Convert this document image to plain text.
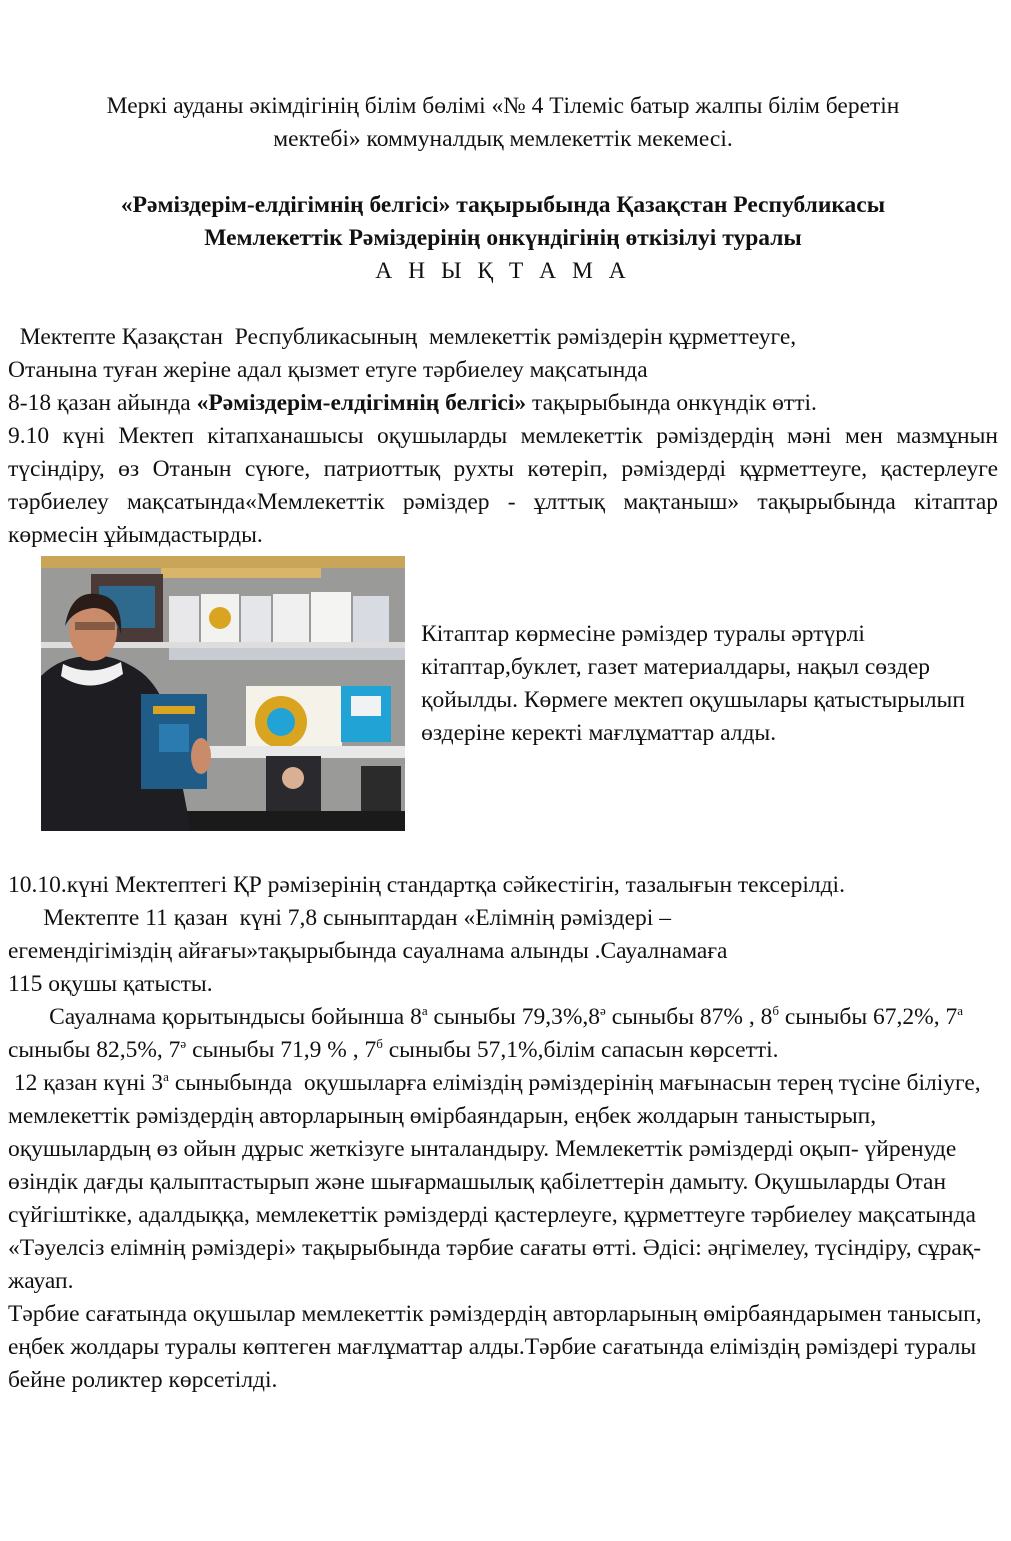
Меркі ауданы әкімдігінің білім бөлімі «№ 4 Тілеміс батыр жалпы білім беретін

мектебі» коммуналдық мемлекеттік мекемесі.

«Рәміздерім-елдігімнің белгісі» тақырыбында Қазақстан Республикасы

Мемлекеттік Рәміздерінің онкүндігінің өткізілуі туралы

А Н Ы Қ Т А М А

Мектепте Қазақстан  Республикасының  мемлекеттік рәміздерін құрметтеуге,

Отанына туған жеріне адал қызмет етуге тәрбиелеу мақсатында

8-18 қазан айында «Рәміздерім-елдігімнің белгісі» тақырыбында онкүндік өтті.

9.10 күні Мектеп кітапханашысы оқушыларды мемлекеттік рәміздердің мәні мен мазмұнын түсіндіру, өз Отанын сүюге, патриоттық рухты көтеріп, рәміздерді құрметтеуге, қастерлеуге тәрбиелеу мақсатында«Мемлекеттік рәміздер - ұлттық мақтаныш» тақырыбында кітаптар көрмесін ұйымдастырды.

Кітаптар көрмесіне рәміздер туралы әртүрлі кітаптар,буклет, газет материалдары, нақыл сөздер қойылды. Көрмеге мектеп оқушылары қатыстырылып өздеріне керекті мағлұматтар алды.

10.10.күні Мектептегі ҚР рәмізерінің стандартқа сәйкестігін, тазалығын тексерілді.

Мектепте 11 қазан  күні 7,8 сыныптардан «Елімнің рәміздері –

егемендігіміздің айғағы»тақырыбында сауалнама алынды .Сауалнамаға

115 оқушы қатысты.

Сауалнама қорытындысы бойынша $8^а$ сыныбы $79,3\%,8^ә$ сыныбы 87% , $8^б$ сыныбы 67,2%, $7^а$ сыныбы 82,5%, $7^ә$ сыныбы 71,9 % , $7^б$ сыныбы 57,1%,білім сапасын көрсетті.

12 қазан күні $3^а$ сыныбында  оқушыларға еліміздің рәміздерінің мағынасын терең түсіне біліуге, мемлекеттік рәміздердің авторларының өмірбаяндарын, еңбек жолдарын таныстырып, оқушылардың өз ойын дұрыс жеткізуге ынталандыру. Мемлекеттік рәміздерді оқып- үйренуде өзіндік дағды қалыптастырып және шығармашылық қабілеттерін дамыту. Оқушыларды Отан сүйгіштікке, адалдыққа, мемлекеттік рәміздерді қастерлеуге, құрметтеуге тәрбиелеу мақсатында «Тәуелсіз елімнің рәміздері» тақырыбында тәрбие сағаты өтті. Әдісі: әңгімелеу, түсіндіру, сұрақ-жауап.

Тәрбие сағатында оқушылар мемлекеттік рәміздердің авторларының өмірбаяндарымен танысып, еңбек жолдары туралы көптеген мағлұматтар алды.Тәрбие сағатында еліміздің рәміздері туралы бейне роликтер көрсетілді.
